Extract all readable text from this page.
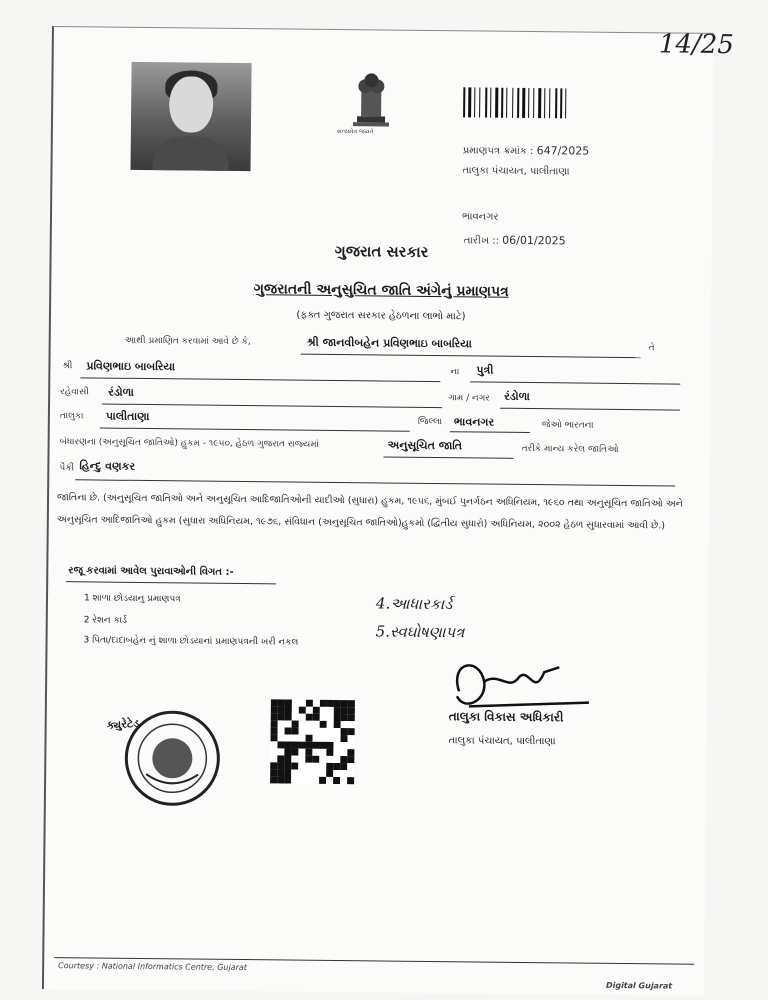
14/25
સત્યમેવ જયતે
પ્રમાણપત્ર ક્રમાંક : 647/2025
તાલુકા પંચાયત, પાલીતાણા
ભાવનગર
તારીખ :: 06/01/2025
ગુજરાત સરકાર
ગુજરાતની અનુસુચિત જાતિ અંગેનું પ્રમાણપત્ર
(ફક્ત ગુજરાત સરકાર હેઠળના લાભો માટે)
આથી પ્રમાણિત કરવામાં આવે છે કે,	શ્રી જાનવીબહેન પ્રવિણભાઇ બાબરિયા	તે
શ્રી પ્રવિણભાઇ બાબરિયા	ના પુત્રી
રહેવાસી રંડોળા	ગામ / નગર રંડોળા
તાલુકા પાલીતાણા	જિલ્લા ભાવનગર	જેઓ ભારતના
બંધારણના (અનુસૂચિત જાતિઓ) હુકમ - ૧૯૫૦, હેઠળ ગુજરાત રાજ્યમાં	અનુસૂચિત જાતિ	તરીકે માન્ય કરેલ જાતિઓ
પૈકી હિન્દુ વણકર
જાતિના છે. (અનુસૂચિત જાતિઓ અને અનુસૂચિત આદિજાતિઓની યાદીઓ (સુધારા) હુકમ, ૧૯૫૬, મુંબઈ પુનર્ગઠન અધિનિયમ, ૧૯૬૦ તથા અનુસૂચિત જાતિઓ અને અનુસૂચિત આદિજાતિઓ હુકમ (સુધારા અધિનિયમ, ૧૯૭૬, સંવિધાન (અનુસૂચિત જાતિઓ)હુકમો (દ્વિતીય સુધારો) અધિનિયમ, ૨૦૦૨ હેઠળ સુધારવામાં આવી છે.)
રજૂ કરવામાં આવેલ પુરાવાઓની વિગત :-
1 શાળા છોડયાનુ પ્રમાણપત્ર
2 રેશન કાર્ડ
3 પિતા/દાદાબહેન નું શાળા છોડયાનાં પ્રમાણપત્રની ખરી નકલ
4.આધારકાર્ડ
5.સ્વઘોષણાપત્ર
ક્યુરેટેડ	તાલુકા વિકાસ અધિકારી
તાલુકા પંચાયત, પાલીતાણા
Courtesy : National Informatics Centre, Gujarat
Digital Gujarat
